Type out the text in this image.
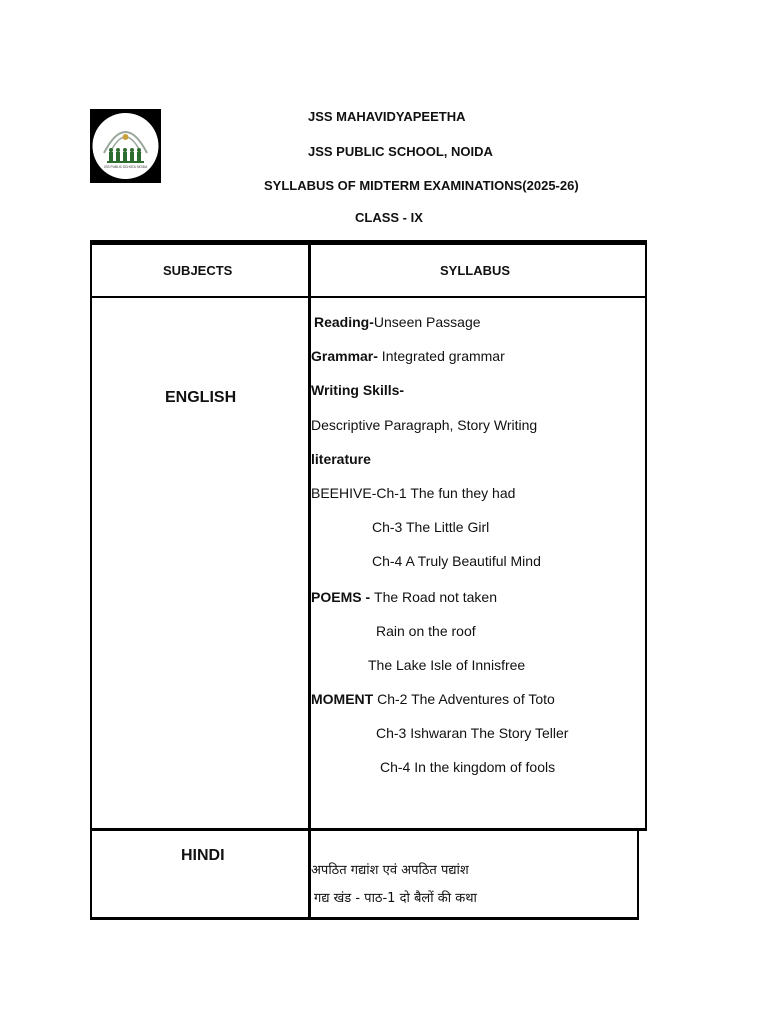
JSS PUBLIC SCHOOL NOIDA
JSS MAHAVIDYAPEETHA
JSS PUBLIC SCHOOL, NOIDA
SYLLABUS OF MIDTERM EXAMINATIONS(2025-26)
CLASS - IX
SUBJECTS	SYLLABUS
ENGLISH
Reading-Unseen Passage
Grammar- Integrated grammar
Writing Skills-
Descriptive Paragraph, Story Writing
literature
BEEHIVE-Ch-1 The fun they had
Ch-3 The Little Girl
Ch-4 A Truly Beautiful Mind
POEMS - The Road not taken
Rain on the roof
The Lake Isle of Innisfree
MOMENT Ch-2 The Adventures of Toto
Ch-3 Ishwaran The Story Teller
Ch-4 In the kingdom of fools
HINDI
अपठित गद्यांश एवं अपठित पद्यांश
गद्य खंड - पाठ-1 दो बैलों की कथा
